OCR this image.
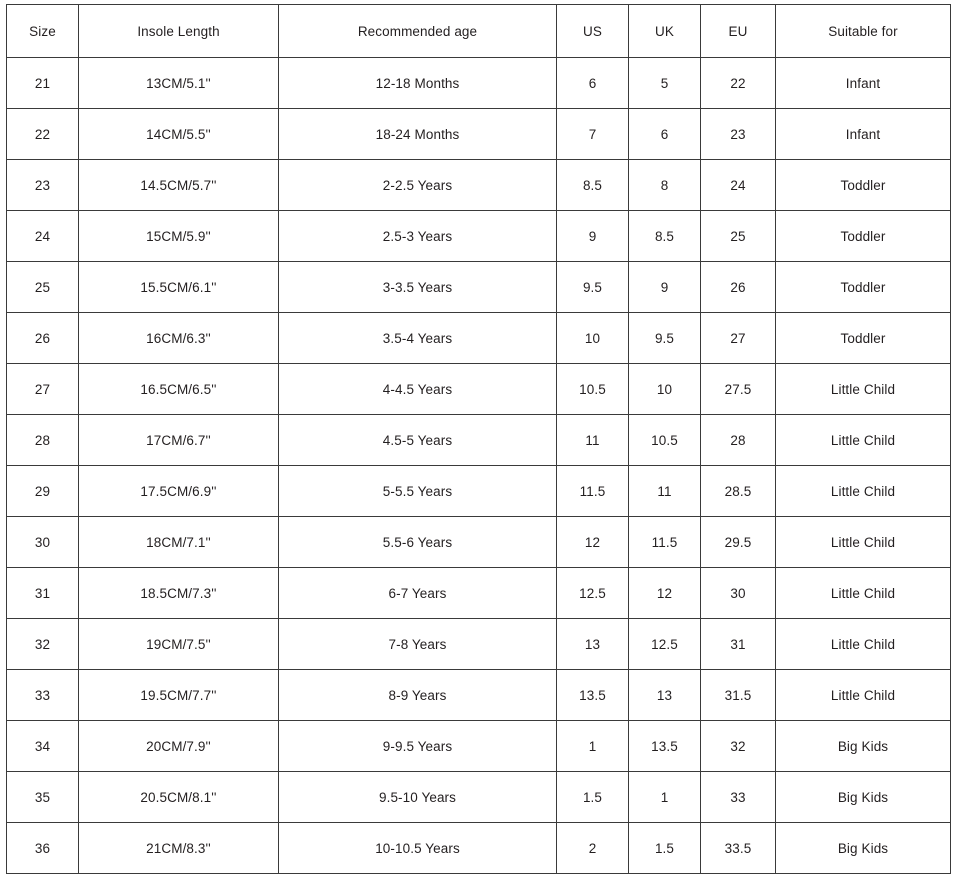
Size	Insole Length	Recommended age	US	UK	EU	Suitable for
21	13CM/5.1''	12-18 Months	6	5	22	Infant
22	14CM/5.5''	18-24 Months	7	6	23	Infant
23	14.5CM/5.7''	2-2.5 Years	8.5	8	24	Toddler
24	15CM/5.9''	2.5-3 Years	9	8.5	25	Toddler
25	15.5CM/6.1''	3-3.5 Years	9.5	9	26	Toddler
26	16CM/6.3''	3.5-4 Years	10	9.5	27	Toddler
27	16.5CM/6.5''	4-4.5 Years	10.5	10	27.5	Little Child
28	17CM/6.7''	4.5-5 Years	11	10.5	28	Little Child
29	17.5CM/6.9''	5-5.5 Years	11.5	11	28.5	Little Child
30	18CM/7.1''	5.5-6 Years	12	11.5	29.5	Little Child
31	18.5CM/7.3''	6-7 Years	12.5	12	30	Little Child
32	19CM/7.5''	7-8 Years	13	12.5	31	Little Child
33	19.5CM/7.7''	8-9 Years	13.5	13	31.5	Little Child
34	20CM/7.9''	9-9.5 Years	1	13.5	32	Big Kids
35	20.5CM/8.1''	9.5-10 Years	1.5	1	33	Big Kids
36	21CM/8.3''	10-10.5 Years	2	1.5	33.5	Big Kids
